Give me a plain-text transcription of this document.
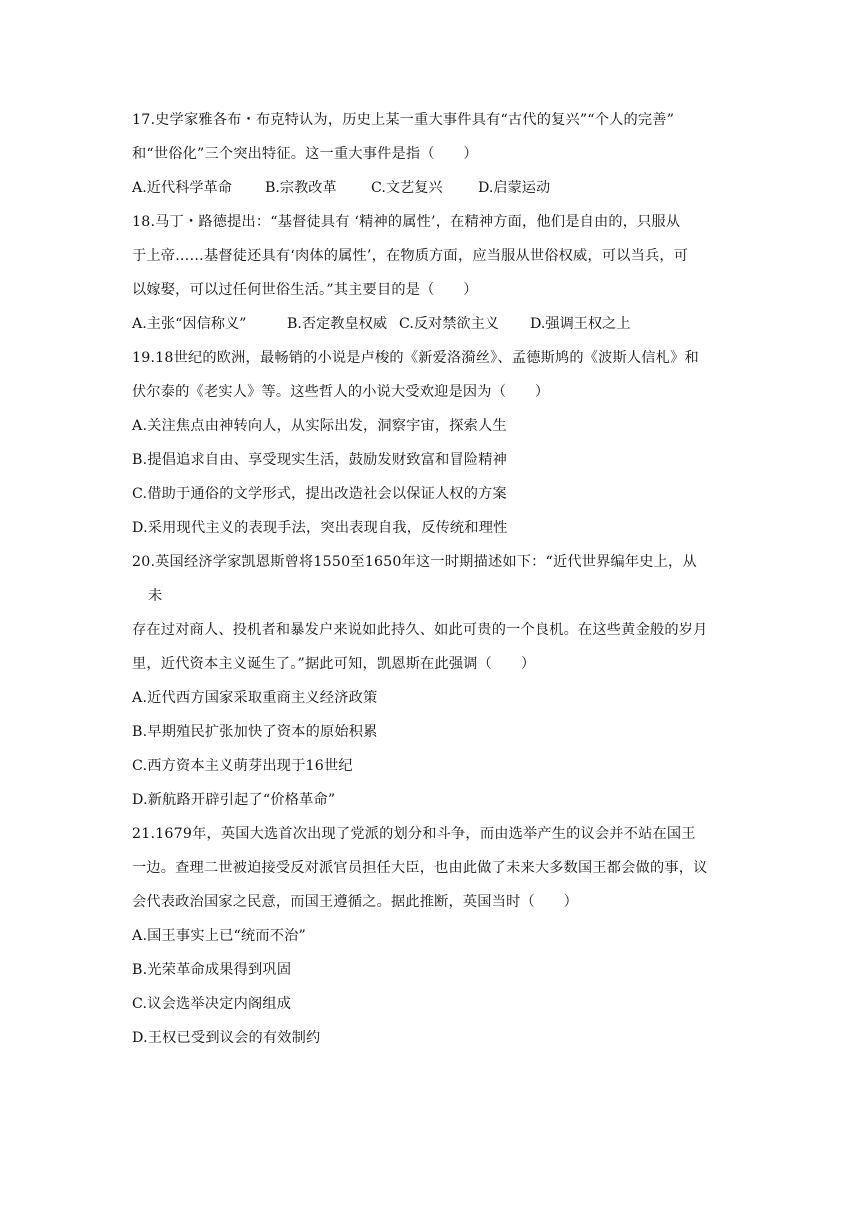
17.史学家雅各布・布克特认为，历史上某一重大事件具有“古代的复兴”“个人的完善”
和“世俗化”三个突出特征。这一重大事件是指（　　）
A.近代科学革命 B.宗教改革 C.文艺复兴 D.启蒙运动
18.马丁・路德提出：“基督徒具有 ‘精神的属性’，在精神方面，他们是自由的，只服从
于上帝……基督徒还具有‘肉体的属性’，在物质方面，应当服从世俗权威，可以当兵，可
以嫁娶，可以过任何世俗生活。”其主要目的是（　　）
A.主张“因信称义”	B.否定教皇权威 C.反对禁欲主义 D.强调王权之上
19.18世纪的欧洲，最畅销的小说是卢梭的《新爱洛漪丝》、孟德斯鸠的《波斯人信札》和
伏尔泰的《老实人》等。这些哲人的小说大受欢迎是因为（　　）
A.关注焦点由神转向人，从实际出发，洞察宇宙，探索人生
B.提倡追求自由、享受现实生活，鼓励发财致富和冒险精神
C.借助于通俗的文学形式，提出改造社会以保证人权的方案
D.采用现代主义的表现手法，突出表现自我，反传统和理性
20.英国经济学家凯恩斯曾将1550至1650年这一时期描述如下：“近代世界编年史上，从
未
存在过对商人、投机者和暴发户来说如此持久、如此可贵的一个良机。在这些黄金般的岁月
里，近代资本主义诞生了。”据此可知，凯恩斯在此强调（　　）
A.近代西方国家采取重商主义经济政策
B.早期殖民扩张加快了资本的原始积累
C.西方资本主义萌芽出现于16世纪
D.新航路开辟引起了“价格革命”
21.1679年，英国大选首次出现了党派的划分和斗争，而由选举产生的议会并不站在国王
一边。查理二世被迫接受反对派官员担任大臣，也由此做了未来大多数国王都会做的事，议
会代表政治国家之民意，而国王遵循之。据此推断，英国当时（　　）
A.国王事实上已“统而不治”
B.光荣革命成果得到巩固
C.议会选举决定内阁组成
D.王权已受到议会的有效制约
